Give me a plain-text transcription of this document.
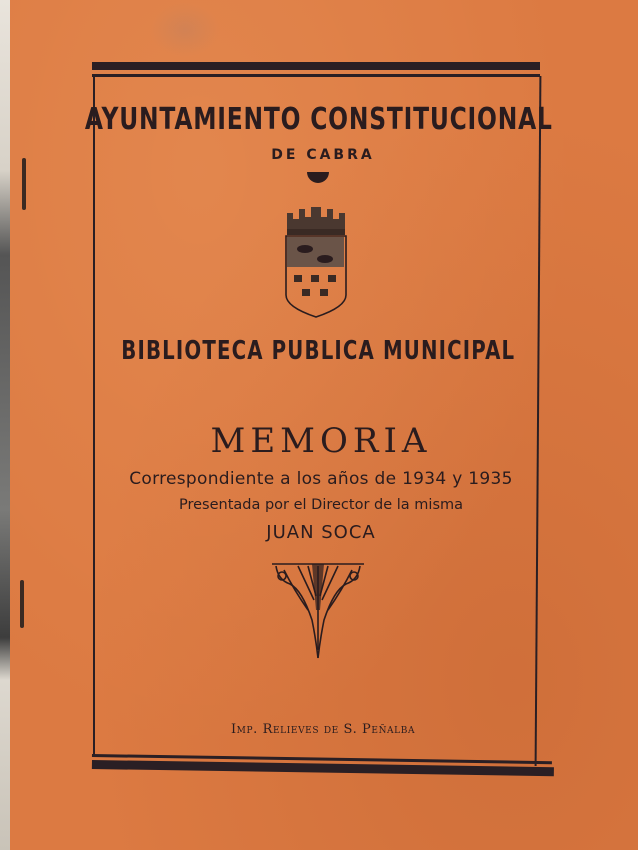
AYUNTAMIENTO CONSTITUCIONAL
DE CABRA
BIBLIOTECA PUBLICA MUNICIPAL
MEMORIA
Correspondiente a los años de 1934 y 1935
Presentada por el Director de la misma
JUAN SOCA
Imp. Relieves de S. Peñalba
